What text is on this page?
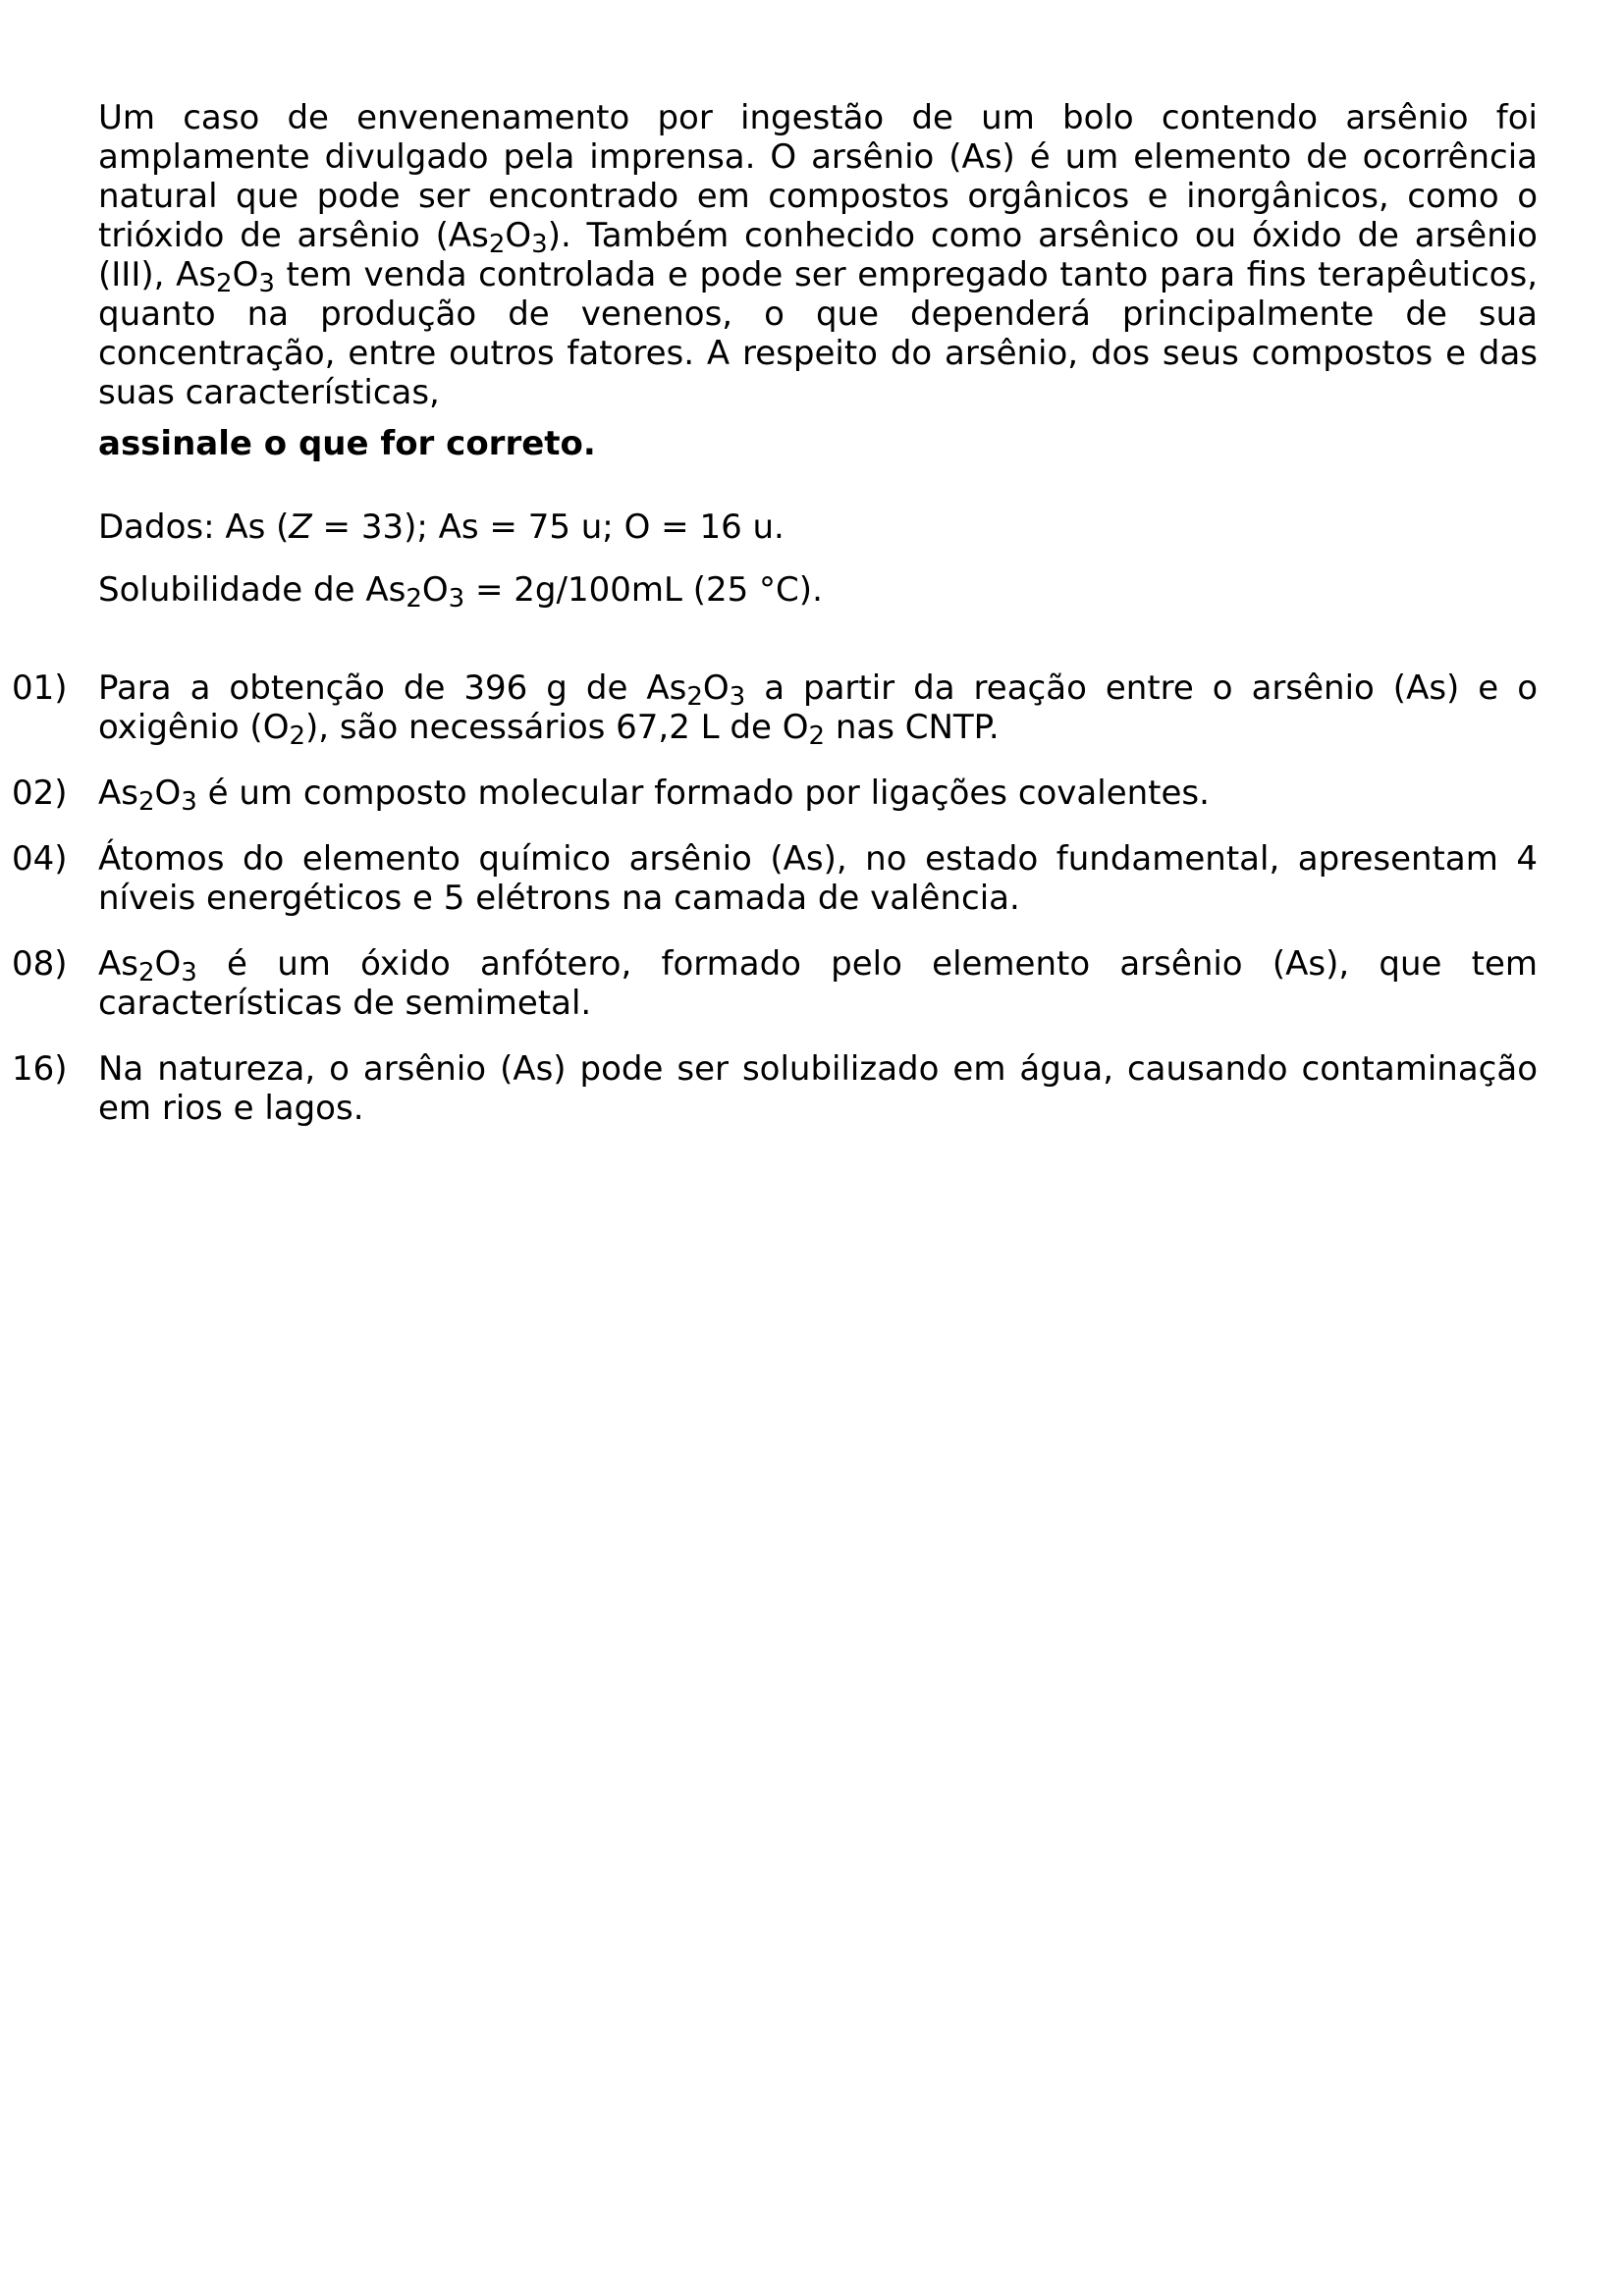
Um caso de envenenamento por ingestão de um bolo contendo arsênio foi amplamente divulgado pela imprensa. O arsênio (As) é um elemento de ocorrência natural que pode ser encontrado em compostos orgânicos e inorgânicos, como o trióxido de arsênio $(As_2O_3)$. Também conhecido como arsênico ou óxido de arsênio (III), $As_2O_3$ tem venda controlada e pode ser empregado tanto para fins terapêuticos, quanto na produção de venenos, o que dependerá principalmente de sua concentração, entre outros fatores. A respeito do arsênio, dos seus compostos e das suas características,
assinale o que for correto.
Dados: As (Z = 33); As = 75 u; O = 16 u.
Solubilidade de $As_2O_3 = 2g/100mL$ (25 °C).
01) Para a obtenção de 396 g de $As_2O_3$ a partir da reação entre o arsênio (As) e o oxigênio $(O_2)$, são necessários 67,2 L de $O_2$ nas CNTP.
02) $As_2O_3$ é um composto molecular formado por ligações covalentes.
04) Átomos do elemento químico arsênio (As), no estado fundamental, apresentam 4 níveis energéticos e 5 elétrons na camada de valência.
08) $As_2O_3$ é um óxido anfótero, formado pelo elemento arsênio (As), que tem características de semimetal.
16) Na natureza, o arsênio (As) pode ser solubilizado em água, causando contaminação em rios e lagos.
